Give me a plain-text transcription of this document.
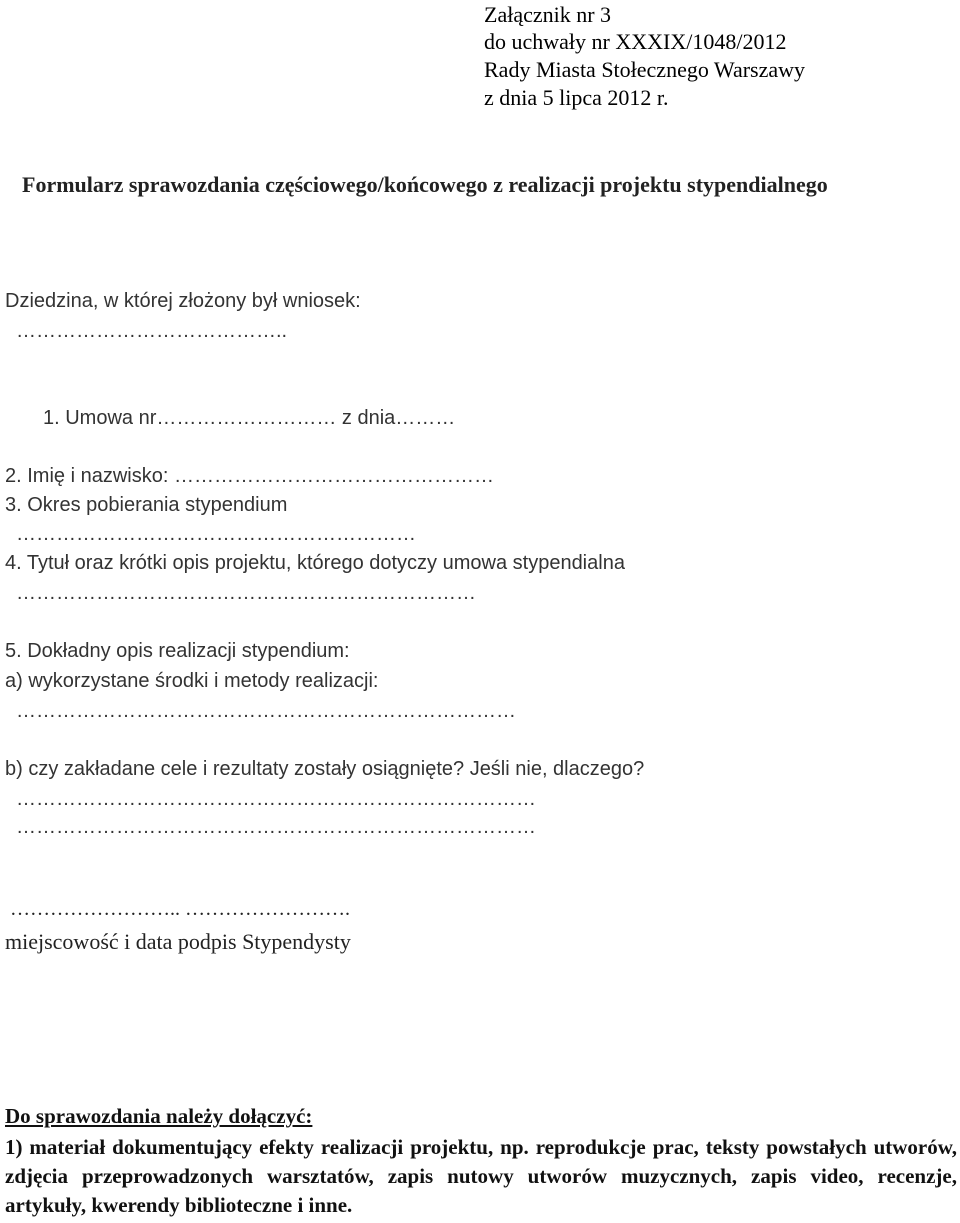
Załącznik nr 3
do uchwały nr XXXIX/1048/2012
Rady Miasta Stołecznego Warszawy
z dnia 5 lipca 2012 r.
Formularz sprawozdania częściowego/końcowego z realizacji projektu stypendialnego
Dziedzina, w której złożony był wniosek:
…………………………………..
1. Umowa nr……………………… z dnia………
2. Imię i nazwisko: …………………………………………
3. Okres pobierania stypendium
……………………………………………………
4. Tytuł oraz krótki opis projektu, którego dotyczy umowa stypendialna
……………………………………………………………
5. Dokładny opis realizacji stypendium:
a) wykorzystane środki i metody realizacji:
…………………………………………………………………
b) czy zakładane cele i rezultaty zostały osiągnięte? Jeśli nie, dlaczego?
……………………………………………………………………
……………………………………………………………………
…………………….. …………………….
miejscowość i data podpis Stypendysty
Do sprawozdania należy dołączyć:
1) materiał dokumentujący efekty realizacji projektu, np. reprodukcje prac, teksty powstałych utworów, zdjęcia przeprowadzonych warsztatów, zapis nutowy utworów muzycznych, zapis video, recenzje, artykuły, kwerendy biblioteczne i inne.
